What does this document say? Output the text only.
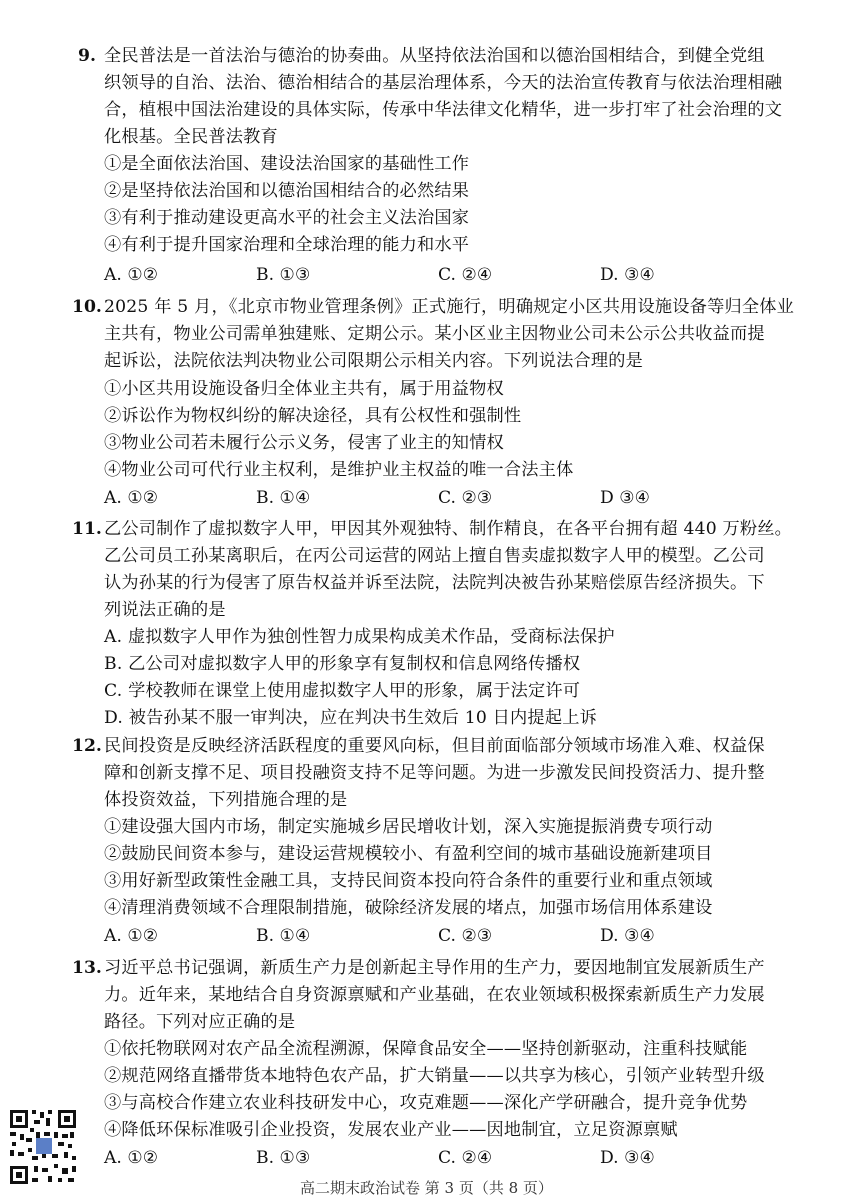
9. 全民普法是一首法治与德治的协奏曲。从坚持依法治国和以德治国相结合，到健全党组
织领导的自治、法治、德治相结合的基层治理体系，今天的法治宣传教育与依法治理相融
合，植根中国法治建设的具体实际，传承中华法律文化精华，进一步打牢了社会治理的文
化根基。全民普法教育
①是全面依法治国、建设法治国家的基础性工作
②是坚持依法治国和以德治国相结合的必然结果
③有利于推动建设更高水平的社会主义法治国家
④有利于提升国家治理和全球治理的能力和水平
A. ①②	B. ①③	C. ②④	D. ③④
10. 2025 年 5 月，《北京市物业管理条例》正式施行，明确规定小区共用设施设备等归全体业
主共有，物业公司需单独建账、定期公示。某小区业主因物业公司未公示公共收益而提
起诉讼，法院依法判决物业公司限期公示相关内容。下列说法合理的是
①小区共用设施设备归全体业主共有，属于用益物权
②诉讼作为物权纠纷的解决途径，具有公权性和强制性
③物业公司若未履行公示义务，侵害了业主的知情权
④物业公司可代行业主权利，是维护业主权益的唯一合法主体
A. ①②	B. ①④	C. ②③	D ③④
11. 乙公司制作了虚拟数字人甲，甲因其外观独特、制作精良，在各平台拥有超 440 万粉丝。
乙公司员工孙某离职后，在丙公司运营的网站上擅自售卖虚拟数字人甲的模型。乙公司
认为孙某的行为侵害了原告权益并诉至法院，法院判决被告孙某赔偿原告经济损失。下
列说法正确的是
A. 虚拟数字人甲作为独创性智力成果构成美术作品，受商标法保护
B. 乙公司对虚拟数字人甲的形象享有复制权和信息网络传播权
C. 学校教师在课堂上使用虚拟数字人甲的形象，属于法定许可
D. 被告孙某不服一审判决，应在判决书生效后 10 日内提起上诉
12. 民间投资是反映经济活跃程度的重要风向标，但目前面临部分领域市场准入难、权益保
障和创新支撑不足、项目投融资支持不足等问题。为进一步激发民间投资活力、提升整
体投资效益，下列措施合理的是
①建设强大国内市场，制定实施城乡居民增收计划，深入实施提振消费专项行动
②鼓励民间资本参与，建设运营规模较小、有盈利空间的城市基础设施新建项目
③用好新型政策性金融工具，支持民间资本投向符合条件的重要行业和重点领域
④清理消费领域不合理限制措施，破除经济发展的堵点，加强市场信用体系建设
A. ①②	B. ①④	C. ②③	D. ③④
13. 习近平总书记强调，新质生产力是创新起主导作用的生产力，要因地制宜发展新质生产
力。近年来，某地结合自身资源禀赋和产业基础，在农业领域积极探索新质生产力发展
路径。下列对应正确的是
①依托物联网对农产品全流程溯源，保障食品安全——坚持创新驱动，注重科技赋能
②规范网络直播带货本地特色农产品，扩大销量——以共享为核心，引领产业转型升级
③与高校合作建立农业科技研发中心，攻克难题——深化产学研融合，提升竞争优势
④降低环保标准吸引企业投资，发展农业产业——因地制宜，立足资源禀赋
A. ①②	B. ①③	C. ②④	D. ③④
高二期末政治试卷 第 3 页（共 8 页）
